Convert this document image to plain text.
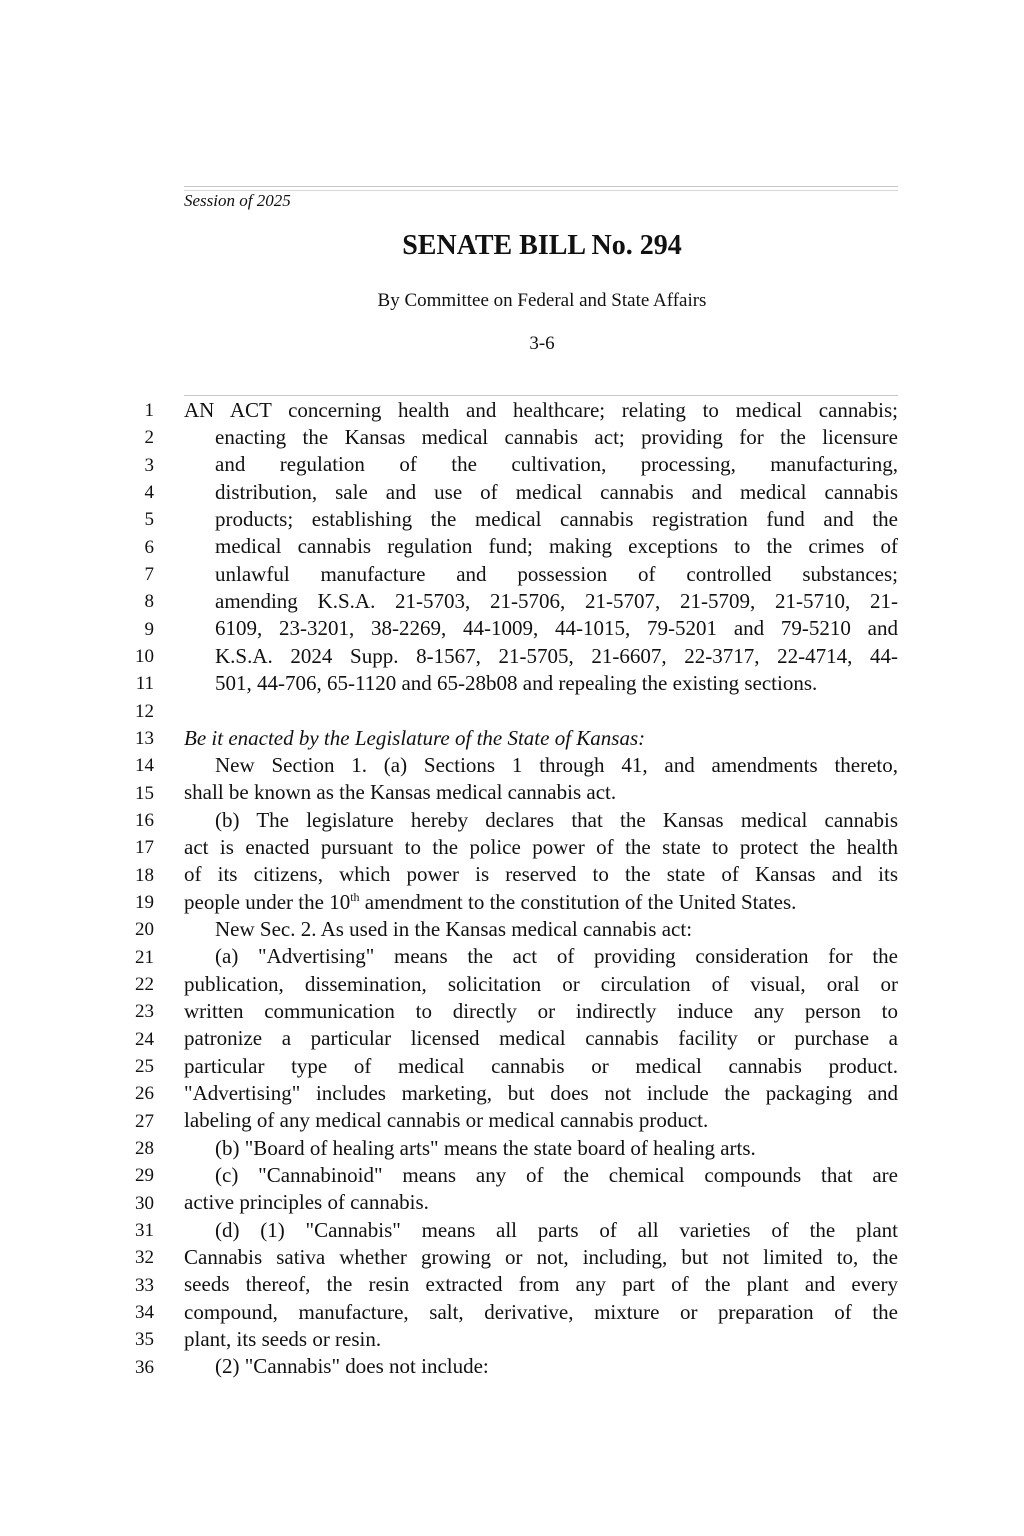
Session of 2025
SENATE BILL No. 294
By Committee on Federal and State Affairs
3-6
1
2
3
4
5
6
7
8
9
10
11
12
13
14
15
16
17
18
19
20
21
22
23
24
25
26
27
28
29
30
31
32
33
34
35
36
AN ACT concerning health and healthcare; relating to medical cannabis;
enacting the Kansas medical cannabis act; providing for the licensure
and regulation of the cultivation, processing, manufacturing,
distribution, sale and use of medical cannabis and medical cannabis
products; establishing the medical cannabis registration fund and the
medical cannabis regulation fund; making exceptions to the crimes of
unlawful manufacture and possession of controlled substances;
amending K.S.A. 21-5703, 21-5706, 21-5707, 21-5709, 21-5710, 21-
6109, 23-3201, 38-2269, 44-1009, 44-1015, 79-5201 and 79-5210 and
K.S.A. 2024 Supp. 8-1567, 21-5705, 21-6607, 22-3717, 22-4714, 44-
501, 44-706, 65-1120 and 65-28b08 and repealing the existing sections.
Be it enacted by the Legislature of the State of Kansas:
New Section 1. (a) Sections 1 through 41, and amendments thereto,
shall be known as the Kansas medical cannabis act.
(b) The legislature hereby declares that the Kansas medical cannabis
act is enacted pursuant to the police power of the state to protect the health
of its citizens, which power is reserved to the state of Kansas and its
people under the 10th amendment to the constitution of the United States.
New Sec. 2. As used in the Kansas medical cannabis act:
(a) "Advertising" means the act of providing consideration for the
publication, dissemination, solicitation or circulation of visual, oral or
written communication to directly or indirectly induce any person to
patronize a particular licensed medical cannabis facility or purchase a
particular type of medical cannabis or medical cannabis product.
"Advertising" includes marketing, but does not include the packaging and
labeling of any medical cannabis or medical cannabis product.
(b) "Board of healing arts" means the state board of healing arts.
(c) "Cannabinoid" means any of the chemical compounds that are
active principles of cannabis.
(d) (1) "Cannabis" means all parts of all varieties of the plant
Cannabis sativa whether growing or not, including, but not limited to, the
seeds thereof, the resin extracted from any part of the plant and every
compound, manufacture, salt, derivative, mixture or preparation of the
plant, its seeds or resin.
(2) "Cannabis" does not include:
